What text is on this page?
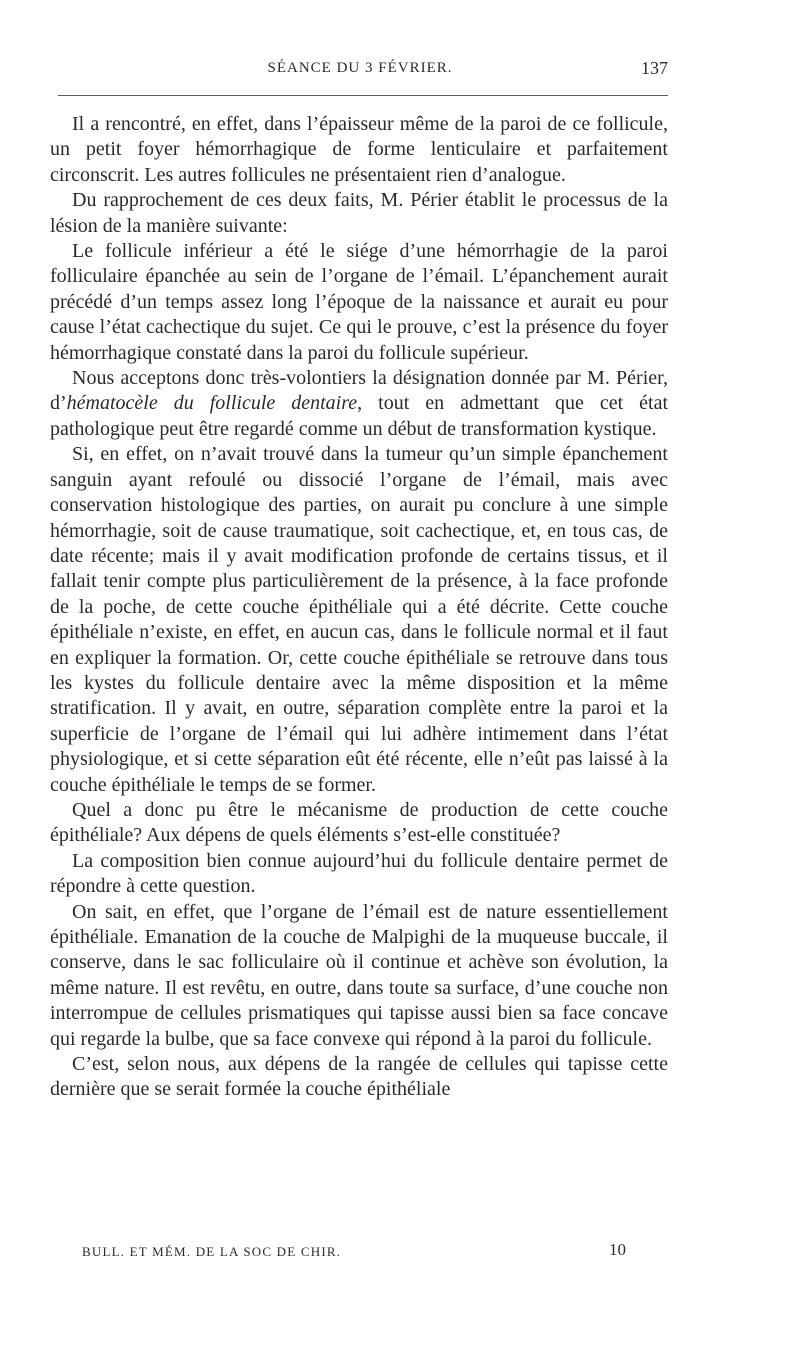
SÉANCE DU 3 FÉVRIER.	137

Il a rencontré, en effet, dans l’épaisseur même de la paroi de ce follicule, un petit foyer hémorrhagique de forme lenticulaire et parfaitement circonscrit. Les autres follicules ne présentaient rien d’analogue.

Du rapprochement de ces deux faits, M. Périer établit le processus de la lésion de la manière suivante:

Le follicule inférieur a été le siége d’une hémorrhagie de la paroi folliculaire épanchée au sein de l’organe de l’émail. L’épanchement aurait précédé d’un temps assez long l’époque de la naissance et aurait eu pour cause l’état cachectique du sujet. Ce qui le prouve, c’est la présence du foyer hémorrhagique constaté dans la paroi du follicule supérieur.

Nous acceptons donc très-volontiers la désignation donnée par M. Périer, d’hématocèle du follicule dentaire, tout en admettant que cet état pathologique peut être regardé comme un début de transformation kystique.

Si, en effet, on n’avait trouvé dans la tumeur qu’un simple épanchement sanguin ayant refoulé ou dissocié l’organe de l’émail, mais avec conservation histologique des parties, on aurait pu conclure à une simple hémorrhagie, soit de cause traumatique, soit cachectique, et, en tous cas, de date récente; mais il y avait modification profonde de certains tissus, et il fallait tenir compte plus particulièrement de la présence, à la face profonde de la poche, de cette couche épithéliale qui a été décrite. Cette couche épithéliale n’existe, en effet, en aucun cas, dans le follicule normal et il faut en expliquer la formation. Or, cette couche épithéliale se retrouve dans tous les kystes du follicule dentaire avec la même disposition et la même stratification. Il y avait, en outre, séparation complète entre la paroi et la superficie de l’organe de l’émail qui lui adhère intimement dans l’état physiologique, et si cette séparation eût été récente, elle n’eût pas laissé à la couche épithéliale le temps de se former.

Quel a donc pu être le mécanisme de production de cette couche épithéliale? Aux dépens de quels éléments s’est-elle constituée?

La composition bien connue aujourd’hui du follicule dentaire permet de répondre à cette question.

On sait, en effet, que l’organe de l’émail est de nature essentiellement épithéliale. Emanation de la couche de Malpighi de la muqueuse buccale, il conserve, dans le sac folliculaire où il continue et achève son évolution, la même nature. Il est revêtu, en outre, dans toute sa surface, d’une couche non interrompue de cellules prismatiques qui tapisse aussi bien sa face concave qui regarde la bulbe, que sa face convexe qui répond à la paroi du follicule.

C’est, selon nous, aux dépens de la rangée de cellules qui tapisse cette dernière que se serait formée la couche épithéliale

BULL. ET MÉM. DE LA SOC DE CHIR.	10
